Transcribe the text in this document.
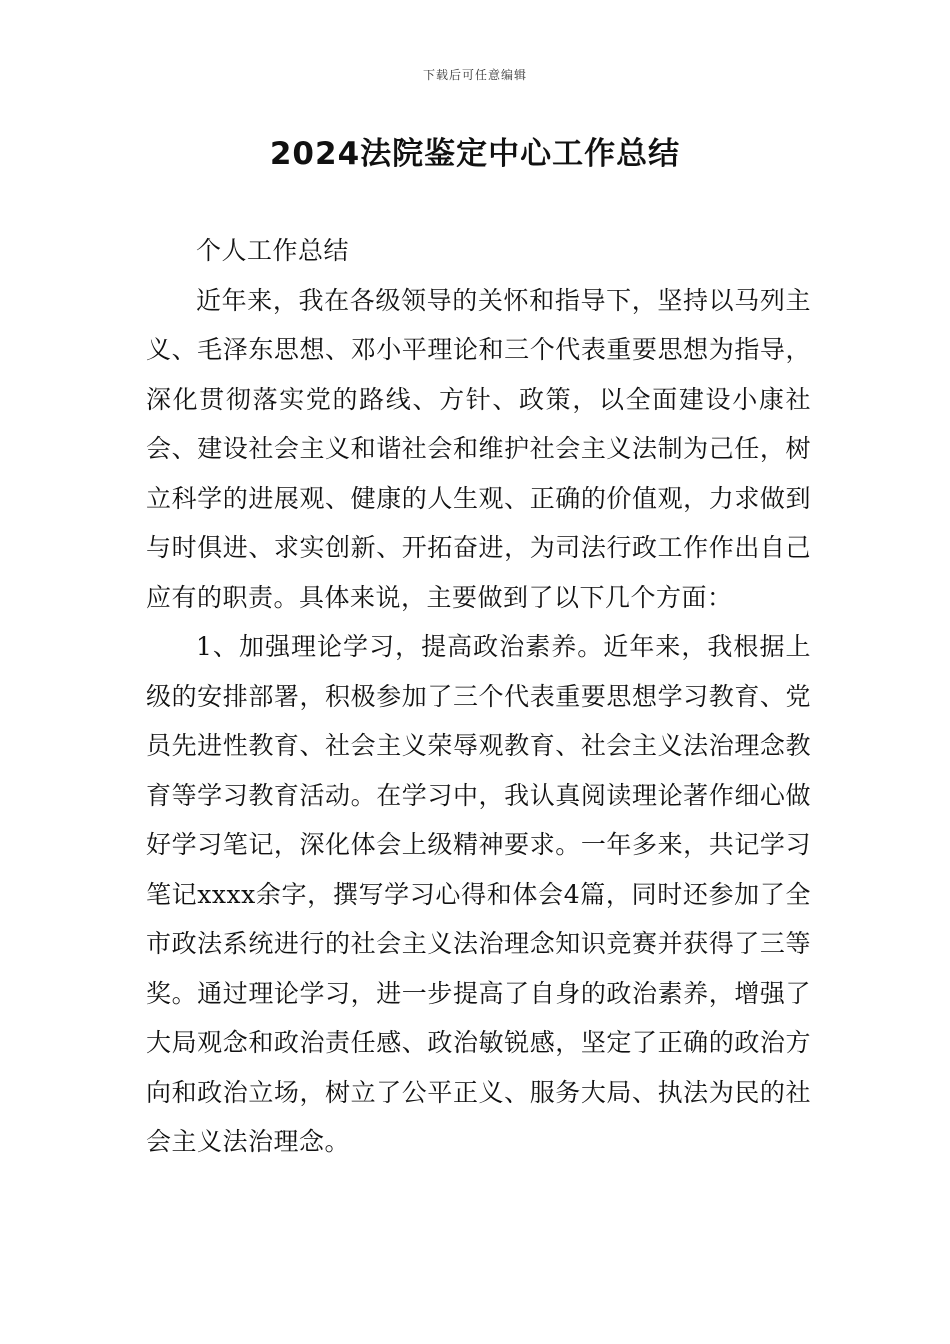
下载后可任意编辑
2024法院鉴定中心工作总结

个人工作总结

近年来，我在各级领导的关怀和指导下，坚持以马列主义、毛泽东思想、邓小平理论和三个代表重要思想为指导，深化贯彻落实党的路线、方针、政策，以全面建设小康社会、建设社会主义和谐社会和维护社会主义法制为己任，树立科学的进展观、健康的人生观、正确的价值观，力求做到与时俱进、求实创新、开拓奋进，为司法行政工作作出自己应有的职责。具体来说，主要做到了以下几个方面：

1、加强理论学习，提高政治素养。近年来，我根据上级的安排部署，积极参加了三个代表重要思想学习教育、党员先进性教育、社会主义荣辱观教育、社会主义法治理念教育等学习教育活动。在学习中，我认真阅读理论著作细心做好学习笔记，深化体会上级精神要求。一年多来，共记学习笔记xxxx余字，撰写学习心得和体会4篇，同时还参加了全市政法系统进行的社会主义法治理念知识竞赛并获得了三等奖。通过理论学习，进一步提高了自身的政治素养，增强了大局观念和政治责任感、政治敏锐感，坚定了正确的政治方向和政治立场，树立了公平正义、服务大局、执法为民的社会主义法治理念。
